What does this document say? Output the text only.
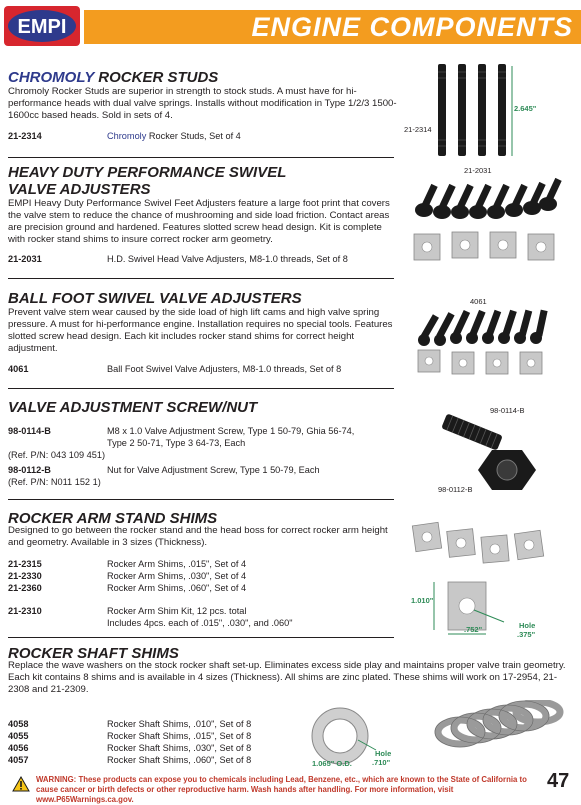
EMPI	ENGINE COMPONENTS
CHROMOLY ROCKER STUDS
Chromoly Rocker Studs are superior in strength to stock studs. A must have for hi-performance heads with dual valve springs. Installs without modification in Type 1/2/3 1500-1600cc based heads. Sold in sets of 4.
21-2314	Chromoly Rocker Studs, Set of 4
21-2314
2.645"
HEAVY DUTY PERFORMANCE SWIVEL
VALVE ADJUSTERS
EMPI Heavy Duty Performance Swivel Feet Adjusters feature a large foot print that covers the valve stem to reduce the chance of mushrooming and side load friction. Contact areas are precision ground and hardened. Features slotted screw head design. Kit is complete with rocker stand shims to insure correct rocker arm geometry.
21-2031	H.D. Swivel Head Valve Adjusters, M8-1.0 threads, Set of 8
21-2031
BALL FOOT SWIVEL VALVE ADJUSTERS
Prevent valve stem wear caused by the side load of high lift cams and high valve spring pressure. A must for hi-performance engine. Installation requires no special tools. Features slotted screw head design. Each kit includes rocker stand shims for correct height adjustment.
4061	Ball Foot Swivel Valve Adjusters, M8-1.0 threads, Set of 8
4061
VALVE ADJUSTMENT SCREW/NUT
98-0114-B	M8 x 1.0 Valve Adjustment Screw, Type 1 50-79, Ghia 56-74,
Type 2 50-71, Type 3 64-73, Each
(Ref. P/N: 043 109 451)
98-0112-B	Nut for Valve Adjustment Screw, Type 1 50-79, Each
(Ref. P/N: N011 152 1)
98-0114-B
98-0112-B
ROCKER ARM STAND SHIMS
Designed to go between the rocker stand and the head boss for correct rocker arm height and geometry. Available in 3 sizes (Thickness).
21-2315	Rocker Arm Shims, .015", Set of 4
21-2330	Rocker Arm Shims, .030", Set of 4
21-2360	Rocker Arm Shims, .060", Set of 4
21-2310	Rocker Arm Shim Kit, 12 pcs. total
Includes 4pcs. each of .015", .030", and .060"
1.010"
.752"	Hole
.375"
ROCKER SHAFT SHIMS
Replace the wave washers on the stock rocker shaft set-up. Eliminates excess side play and maintains proper valve train geometry. Each kit contains 8 shims and is available in 4 sizes (Thickness). All shims are zinc plated. These shims will work on 17-2954, 21-2308 and 21-2309.
4058	Rocker Shaft Shims, .010", Set of 8
4055	Rocker Shaft Shims, .015", Set of 8
4056	Rocker Shaft Shims, .030", Set of 8
4057	Rocker Shaft Shims, .060", Set of 8	1.065" O.D.
Hole
.710"
WARNING: These products can expose you to chemicals including Lead, Benzene, etc., which are known to the State of California to cause cancer or birth defects or other reproductive harm. Wash hands after handling. For more information, visit www.P65Warnings.ca.gov.
47
